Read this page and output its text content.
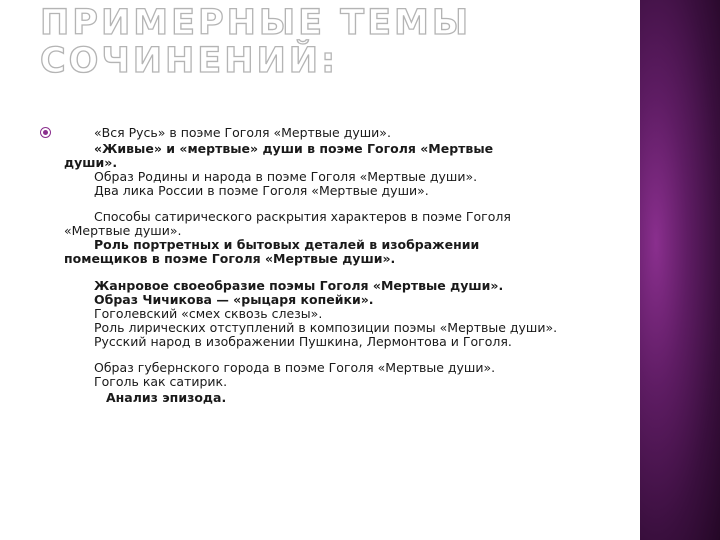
ПРИМЕРНЫЕ ТЕМЫ
СОЧИНЕНИЙ:
«Вся Русь» в поэме Гоголя «Мертвые души».
«Живые» и «мертвые» души в поэме Гоголя «Мертвые
души».
Образ Родины и народа в поэме Гоголя «Мертвые души».
Два лика России в поэме Гоголя «Мертвые души».
Способы сатирического раскрытия характеров в поэме Гоголя
«Мертвые души».
Роль портретных и бытовых деталей в изображении
помещиков в поэме Гоголя «Мертвые души».
Жанровое своеобразие поэмы Гоголя «Мертвые души».
Образ Чичикова — «рыцаря копейки».
Гоголевский «смех сквозь слезы».
Роль лирических отступлений в композиции поэмы «Мертвые души».
Русский народ в изображении Пушкина, Лермонтова и Гоголя.
Образ губернского города в поэме Гоголя «Мертвые души».
Гоголь как сатирик.
Анализ эпизода.
